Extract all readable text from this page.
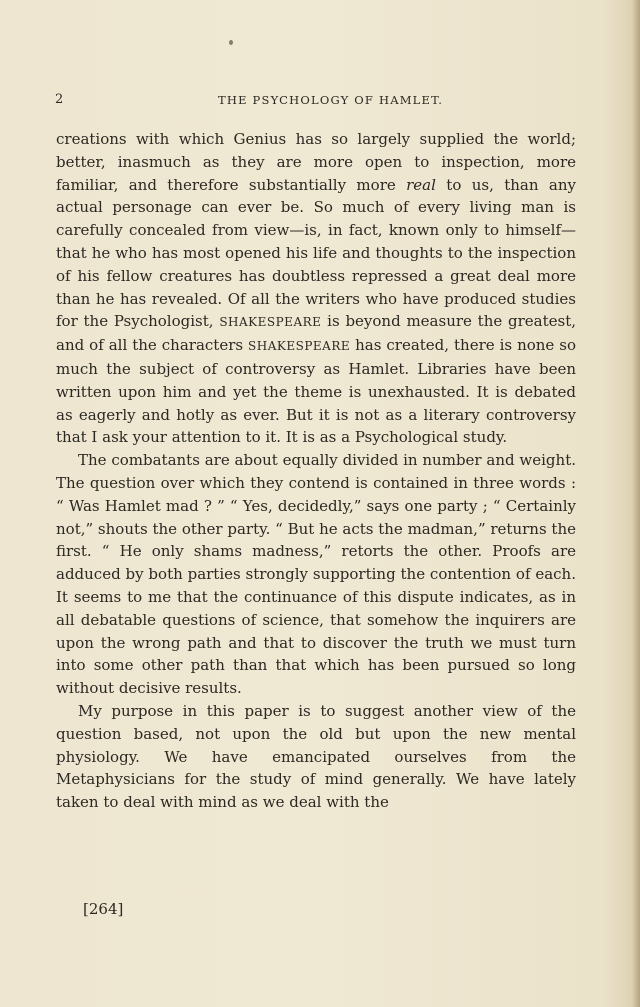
2	THE PSYCHOLOGY OF HAMLET.

creations with which Genius has so largely supplied the world; better, inasmuch as they are more open to inspection, more familiar, and therefore substantially more real to us, than any actual personage can ever be. So much of every living man is carefully concealed from view—is, in fact, known only to himself—that he who has most opened his life and thoughts to the inspection of his fellow creatures has doubtless repressed a great deal more than he has revealed. Of all the writers who have produced studies for the Psychologist, SHAKESPEARE is beyond measure the greatest, and of all the characters SHAKESPEARE has created, there is none so much the subject of controversy as Hamlet. Libraries have been written upon him and yet the theme is unexhausted. It is debated as eagerly and hotly as ever. But it is not as a literary controversy that I ask your attention to it. It is as a Psychological study.

The combatants are about equally divided in number and weight. The question over which they contend is contained in three words : “ Was Hamlet mad ? ” “ Yes, decidedly,” says one party ; “ Certainly not,” shouts the other party. “ But he acts the madman,” returns the first. “ He only shams madness,” retorts the other. Proofs are adduced by both parties strongly supporting the contention of each. It seems to me that the continuance of this dispute indicates, as in all debatable questions of science, that somehow the inquirers are upon the wrong path and that to discover the truth we must turn into some other path than that which has been pursued so long without decisive results.

My purpose in this paper is to suggest another view of the question based, not upon the old but upon the new mental physiology. We have emancipated ourselves from the Metaphysicians for the study of mind generally. We have lately taken to deal with mind as we deal with the

[264]
